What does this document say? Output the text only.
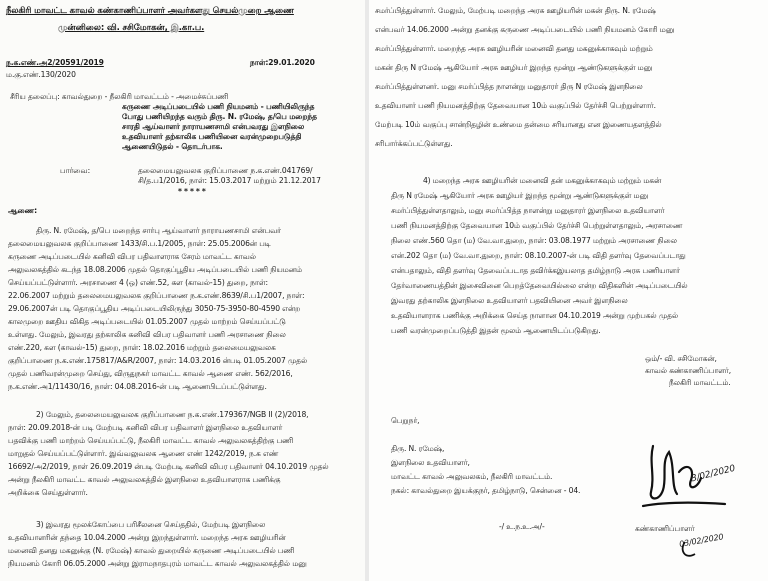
நீலகிரி மாவட்ட காவல் கண்காணிப்பாளர் அவர்களது செயல்முறை ஆணை
முன்னிலை: வி. சசிமோகன், இ.கா.ப.
ந.க.எண்.அ2/20591/2019	நாள்:29.01.2020
ம.கு.எண்.130/2020
சீரிய தலைப்பு: காவல்துறை - நீலகிரி மாவட்டம் - அமைச்சுப்பணி
கருணை அடிப்படையில் பணி நியமனம் - பணியிலிருந்த
போது பணியிறந்த வரும் திரு. N. ரமேஷ், த/பெ மறைந்த
சாரதி ஆய்வாளர் நாராயணசாமி என்பவரது இளநிலை
உதவியாளர் தற்காலிக பணியினை வரன்முறைபடுத்தி
ஆணையிடுதல் - தொடர்பாக.
பார்வை:	தலைமையலுவலக குறிப்பாணை ந.க.எண்.041769/
சி/த.ப1/2016, நாள்: 15.03.2017 மற்றும் 21.12.2017
*****
ஆணை:
திரு. N. ரமேஷ், த/பெ மறைந்த சார்பு ஆய்வாளர் நாராயணசாமி என்பவர்
தலைமையலுவலக குறிப்பாணை 1433/சி.ப.1/2005, நாள்: 25.05.2006ன் படி
கருணை அடிப்படையில் கனிவி விபர பதிவாளராக சேரம் மாவட்ட காவல்
அலுவலகத்தில் கடந்த 18.08.2006 முதல் தொகுப்பூதிய அடிப்படையில் பணி நியமனம்
செய்யப்பட்டுள்ளார். அரசாணை 4 (ஒ) எண்.52, கள (காவல்-15) துறை, நாள்:
22.06.2007 மற்றும் தலைமையலுவலக குறிப்பாணை ந.க.எண்.8639/சி.ப1/2007, நாள்:
29.06.2007ன் படி தொகுப்பூதிய அடிப்படையிலிருந்து 3050-75-3950-80-4590 என்ற
காலமுறை ஊதிய விகித அடிப்படையில் 01.05.2007 முதல் மாற்றம் செய்யப்பட்டு
உள்ளது. மேலும், இவரது தற்காலிக கனிவி விபர பதிவாளர் பணி அரசாணை நிலை
எண்.220, கள (காவல்-15) துறை, நாள்: 18.02.2016 மற்றும் தலைமையலுவலக
குறிப்பாணை ந.க.எண்.175817/A&R/2007, நாள்: 14.03.2016 ன்படி 01.05.2007 முதல்
முதல் பணிவரன்முறை செய்து, விருதுநகர் மாவட்ட காவல் ஆணை எண். 562/2016,
ந.க.எண்.அ1/11430/16, நாள்: 04.08.2016-ன் படி ஆணைபிடப்பட்டுள்ளது.
2) மேலும், தலைமையலுவலக குறிப்பாணை ந.க.எண்.179367/NGB II (2)/2018,
நாள்: 20.09.2018-ன் படி மேற்படி கனிவி விபர பதிவாளர் இளநிலை உதவியாளர்
பதவிக்கு பணி மாற்றம் செய்யப்பட்டு, நீலகிரி மாவட்ட காவல் அலுவலகத்திற்கு பணி
மாறுதல் செய்யப்பட்டுள்ளார். இவ்வலுவலக ஆணை எண் 1242/2019, ந.க எண்
16692/அ2/2019, நாள் 26.09.2019 ன்படி மேற்படி கனிவி விபர பதிவாளர் 04.10.2019 முதல்
அன்று நீலகிரி மாவட்ட காவல் அலுவலகத்தில் இளநிலை உதவியாளராக பணிக்கு
அறிக்கை செய்துள்ளார்.
3) இவரது மூலக்கோப்பை பரிசீலனை செய்ததில், மேற்படி இளநிலை
உதவியாளரின் தந்தை 10.04.2000 அன்று இறந்துள்ளார். மறைந்த அரசு ஊழியரின்
மனைவி தனது மகனுக்கு (N. ரமேஷ்) காவல் துறையில் கருணை அடிப்படையில் பணி
நியமனம் கோரி 06.05.2000 அன்று இராமநாதபுரம் மாவட்ட காவல் அலுவலகத்தில் மனு
சமர்ப்பித்துள்ளார். மேலும், மேற்படி மறைந்த அரசு ஊழியரின் மகன் திரு. N. ரமேஷ்
என்பவர் 14.06.2000 அன்று தனக்கு கருணை அடிப்படையில் பணி நியமனம் கோரி மனு
சமர்ப்பித்துள்ளார். மறைந்த அரசு ஊழியரின் மனைவி தனது மகனுக்காகவும் மற்றும்
மகன் திரு N ரமேஷ் ஆகியோர் அரசு ஊழியர் இறந்த மூன்று ஆண்டுகளுக்குள் மனு
சமர்ப்பித்துள்ளனர். மனு சமர்ப்பித்த நாளன்று மனுதாரர் திரு N ரமேஷ் இளநிலை
உதவியாளர் பணி நியமனத்திற்கு தேவையான 10ம் வகுப்பில் தேர்ச்சி பெற்றுள்ளார்.
மேற்படி 10ம் வகுப்பு சான்றிதழின் உண்மை தன்மை சரியானது என இணையதளத்தில்
சரிபார்க்கப்பட்டுள்ளது.
4) மறைந்த அரசு ஊழியரின் மனைவி தன் மகனுக்காகவும் மற்றும் மகன்
திரு N ரமேஷ் ஆகியோர் அரசு ஊழியர் இறந்த மூன்று ஆண்டுகளுக்குள் மனு
சமர்ப்பித்துள்ளதாலும், மனு சமர்ப்பித்த நாளன்று மனுதாரர் இளநிலை உதவியாளர்
பணி நியமனத்திற்கு தேவையான 10ம் வகுப்பில் தேர்ச்சி பெற்றுள்ளதாலும், அரசாணை
நிலை எண்.560 தொ (ம) வே.வா.துறை, நாள்: 03.08.1977 மற்றும் அரசாணை நிலை
என்.202 தொ (ம) வே.வா.துறை, நாள்: 08.10.2007-ன் படி விதி தளர்வு தேவைப்படாது
என்பதாலும், விதி தளர்வு தேவைப்படாத தவிர்க்கஇயலாத தமிழ்நாடு அரசு பணியாளர்
தேர்வாணையத்தின் இசைவினை பெறத்தேவையில்லை என்ற விதிகளின் அடிப்படையில்
இவரது தற்காலிக இளநிலை உதவியாளர் பதவியினை அவர் இளநிலை
உதவியாளராக பணிக்கு அறிக்கை செய்த நாளான 04.10.2019 அன்று முற்பகல் முதல்
பணி வரன்முறைப்படுத்தி இதன் மூலம் ஆணையிடப்படுகிறது.
ஒம்/- வி. சசிமோகன்,
காவல் கண்காணிப்பாளர்,
நீலகிரி மாவட்டம்.
பெறுநர்,
திரு. N. ரமேஷ்,
இளநிலை உதவியாளர்,
மாவட்ட காவல் அலுவலகம், நீலகிரி மாவட்டம்.
நகல்: காவல்துறை இயக்குநர், தமிழ்நாடு, சென்னை - 04.
-/ உ.ந.உ.அ/-
3/02/2020
03/02/2020
கண்காணிப்பாளர்
